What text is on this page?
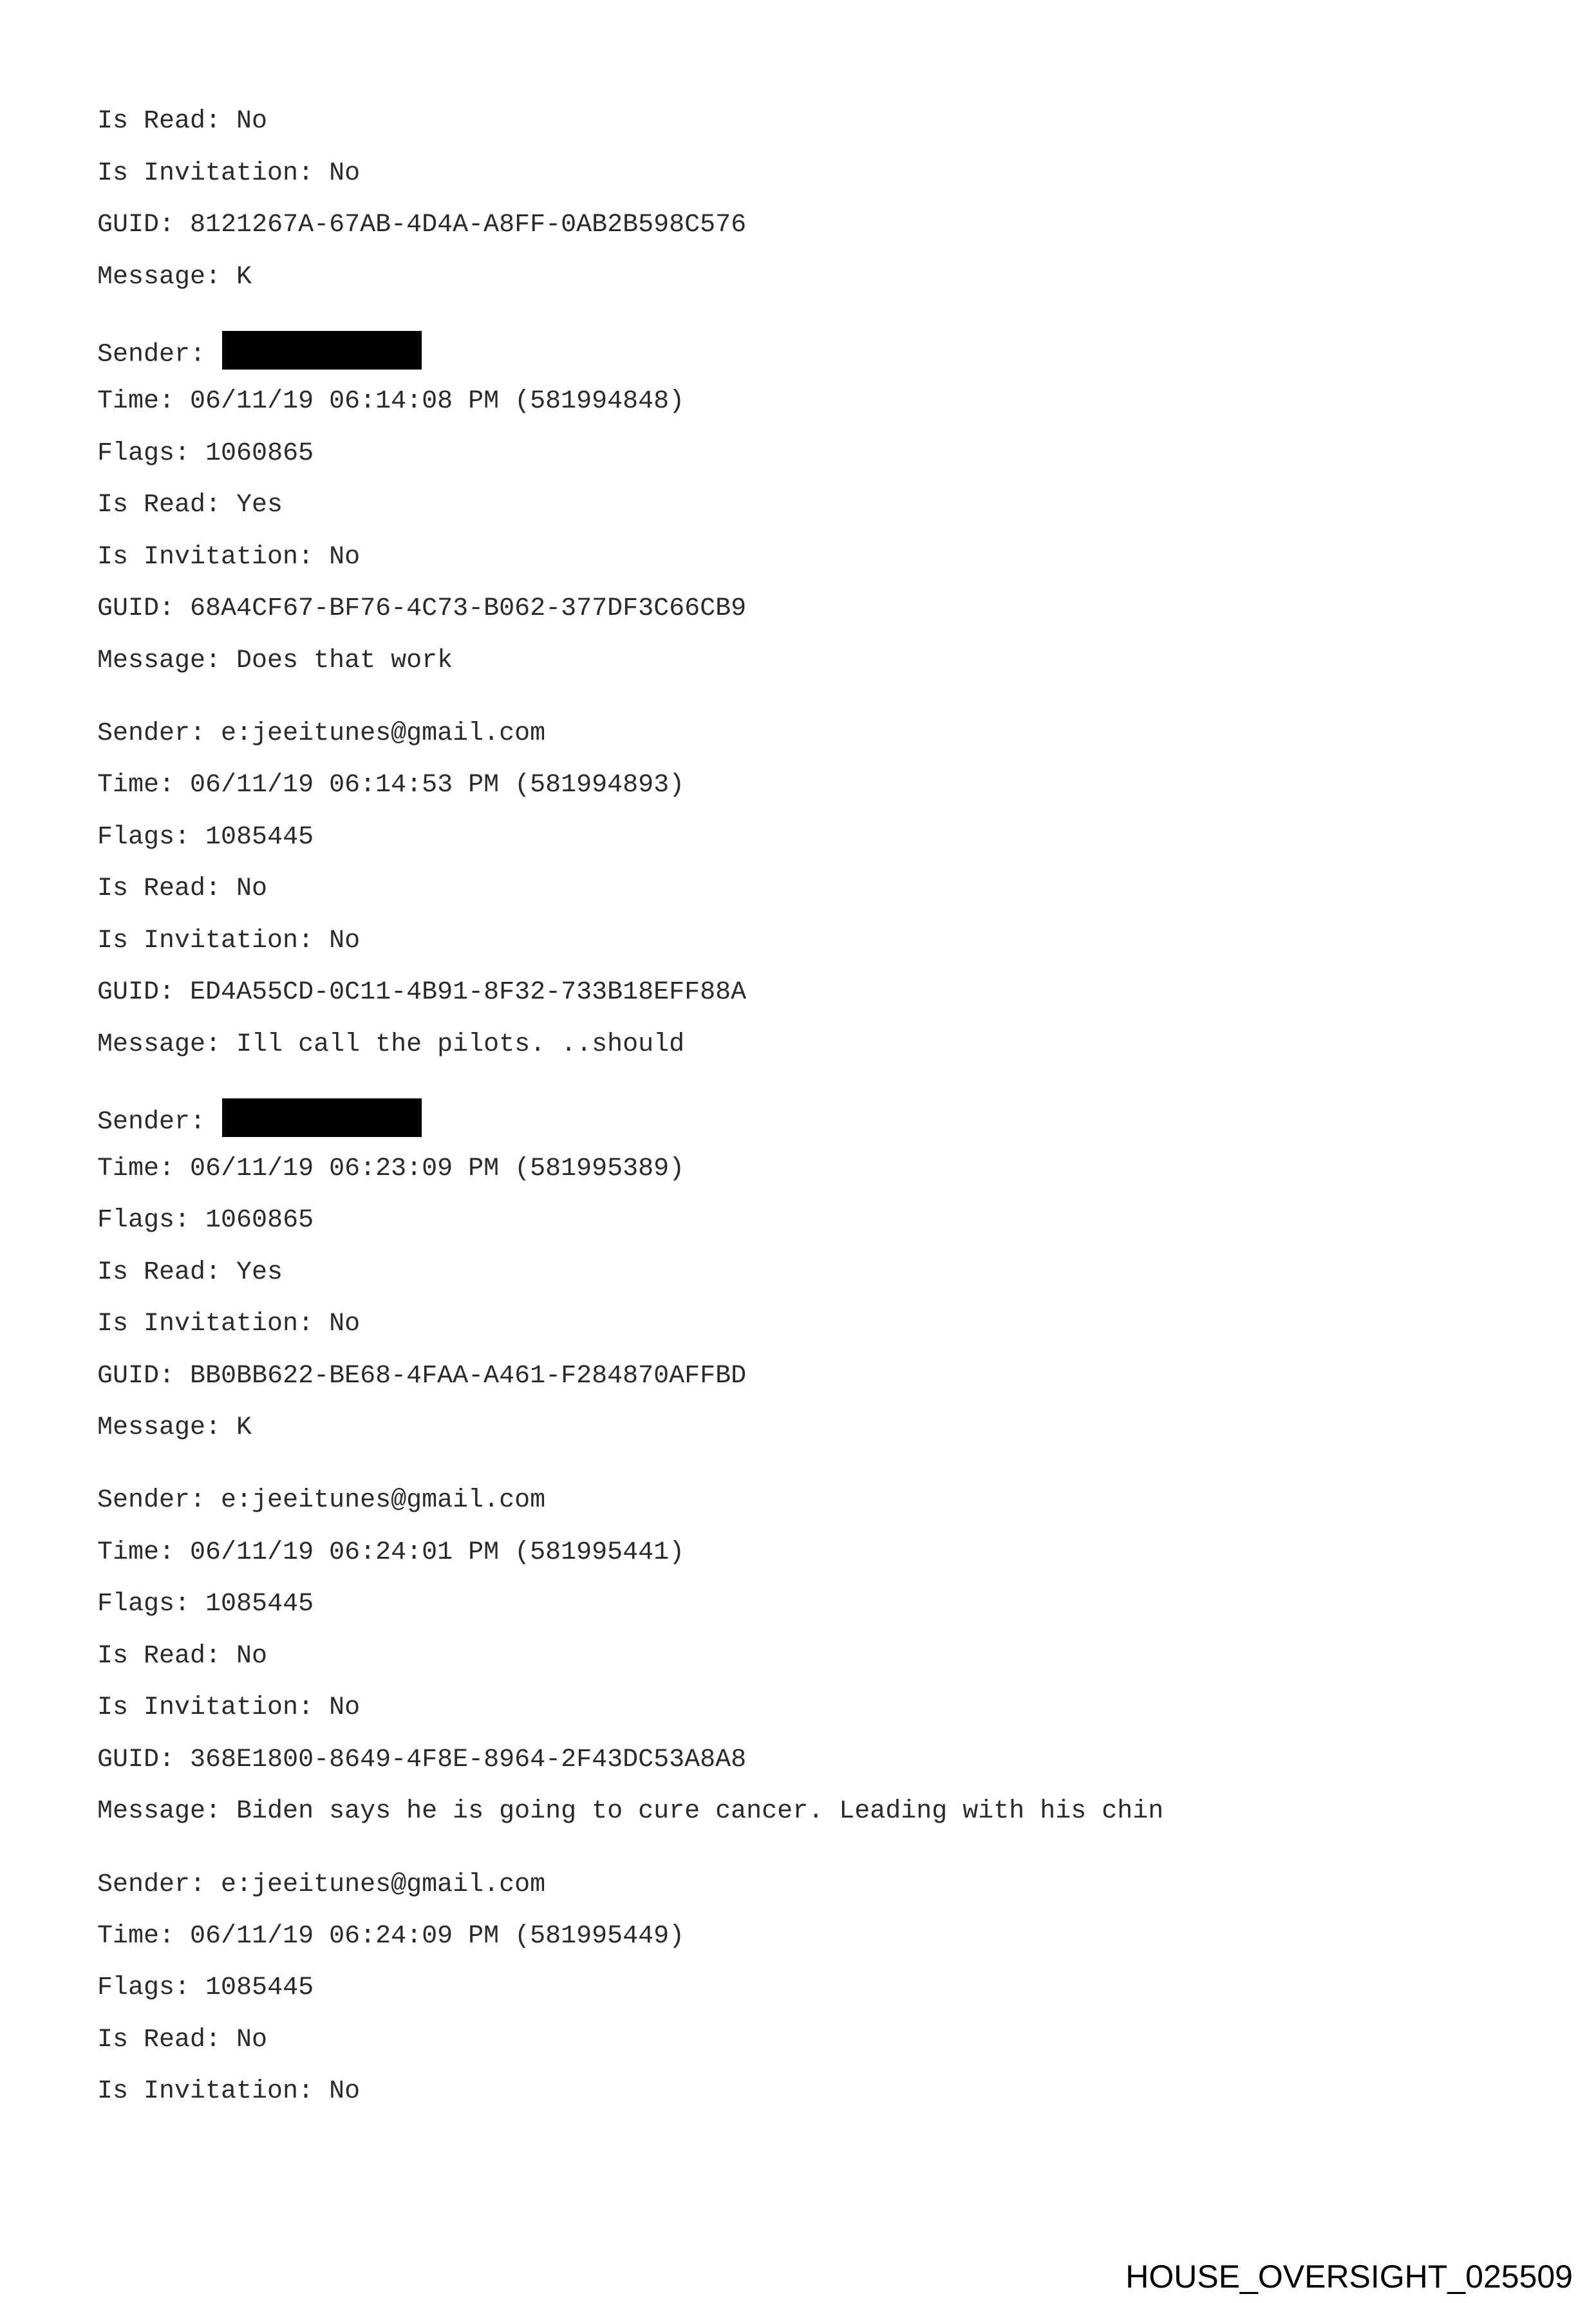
Is Read: No
Is Invitation: No
GUID: 8121267A-67AB-4D4A-A8FF-0AB2B598C576
Message: K
Sender:
Time: 06/11/19 06:14:08 PM (581994848)
Flags: 1060865
Is Read: Yes
Is Invitation: No
GUID: 68A4CF67-BF76-4C73-B062-377DF3C66CB9
Message: Does that work
Sender: e:jeeitunes@gmail.com
Time: 06/11/19 06:14:53 PM (581994893)
Flags: 1085445
Is Read: No
Is Invitation: No
GUID: ED4A55CD-0C11-4B91-8F32-733B18EFF88A
Message: Ill call the pilots. ..should
Sender:
Time: 06/11/19 06:23:09 PM (581995389)
Flags: 1060865
Is Read: Yes
Is Invitation: No
GUID: BB0BB622-BE68-4FAA-A461-F284870AFFBD
Message: K
Sender: e:jeeitunes@gmail.com
Time: 06/11/19 06:24:01 PM (581995441)
Flags: 1085445
Is Read: No
Is Invitation: No
GUID: 368E1800-8649-4F8E-8964-2F43DC53A8A8
Message: Biden says he is going to cure cancer. Leading with his chin
Sender: e:jeeitunes@gmail.com
Time: 06/11/19 06:24:09 PM (581995449)
Flags: 1085445
Is Read: No
Is Invitation: No
HOUSE_OVERSIGHT_025509
